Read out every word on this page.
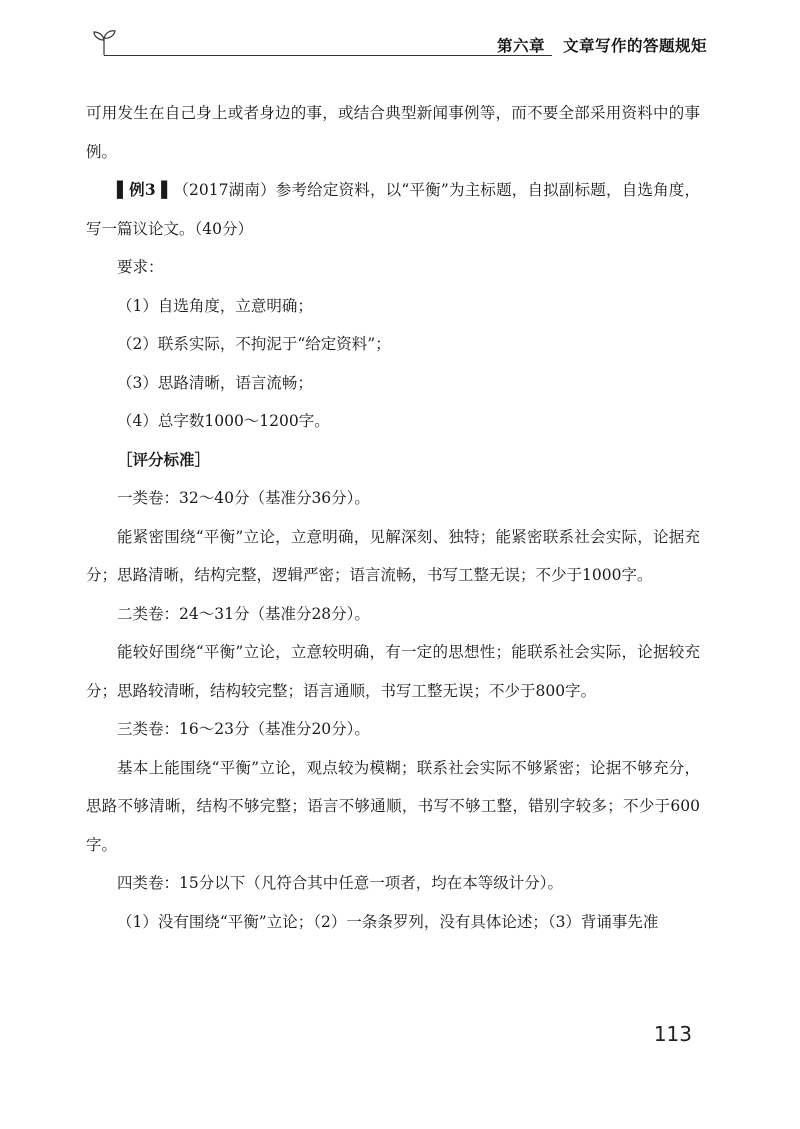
第六章 文章写作的答题规矩

可用发生在自己身上或者身边的事，或结合典型新闻事例等，而不要全部采用资料中的事例。

▌例3 ▌（2017湖南）参考给定资料，以“平衡”为主标题，自拟副标题，自选角度，写一篇议论文。（40分）

要求：

（1）自选角度，立意明确；

（2）联系实际，不拘泥于“给定资料”；

（3）思路清晰，语言流畅；

（4）总字数1000～1200字。

［评分标准］

一类卷：32～40分（基准分36分）。

能紧密围绕“平衡”立论，立意明确，见解深刻、独特；能紧密联系社会实际，论据充分；思路清晰，结构完整，逻辑严密；语言流畅，书写工整无误；不少于1000字。

二类卷：24～31分（基准分28分）。

能较好围绕“平衡”立论，立意较明确，有一定的思想性；能联系社会实际，论据较充分；思路较清晰，结构较完整；语言通顺，书写工整无误；不少于800字。

三类卷：16～23分（基准分20分）。

基本上能围绕“平衡”立论，观点较为模糊；联系社会实际不够紧密；论据不够充分，思路不够清晰，结构不够完整；语言不够通顺，书写不够工整，错别字较多；不少于600字。

四类卷：15分以下（凡符合其中任意一项者，均在本等级计分）。

（1）没有围绕“平衡”立论；（2）一条条罗列，没有具体论述；（3）背诵事先准

113
